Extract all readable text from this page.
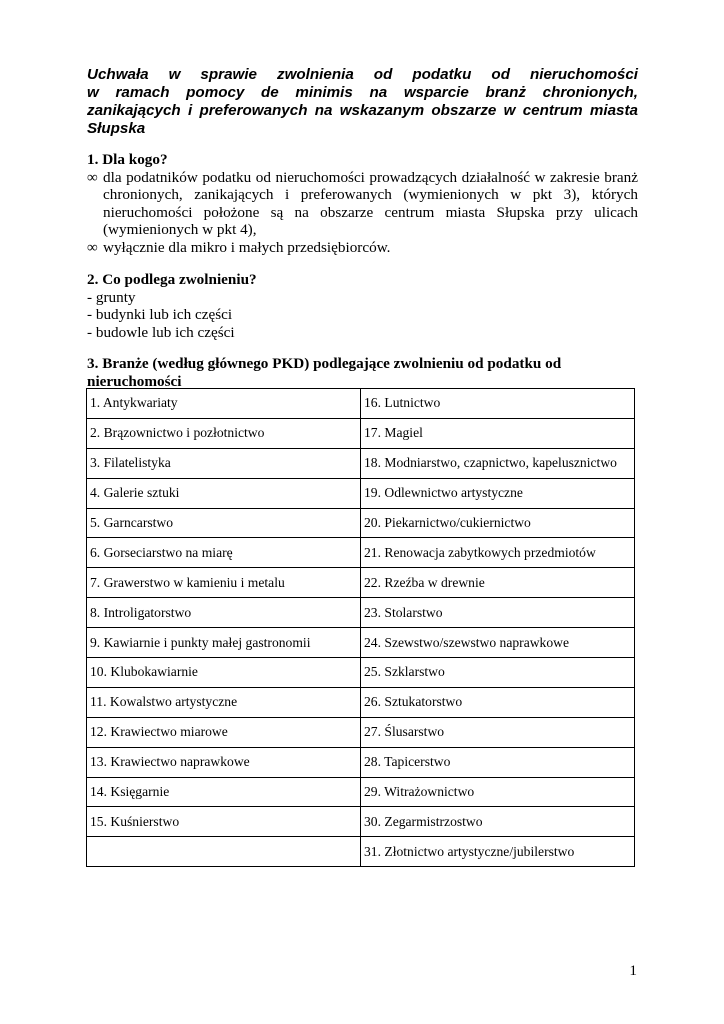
Uchwała w sprawie zwolnienia od podatku od nieruchomości
w ramach pomocy de minimis na wsparcie branż chronionych,
zanikających i preferowanych na wskazanym obszarze w centrum miasta
Słupska
1. Dla kogo?
∞ dla podatników podatku od nieruchomości prowadzących działalność w zakresie branż
chronionych, zanikających i preferowanych (wymienionych w pkt 3), których
nieruchomości położone są na obszarze centrum miasta Słupska przy ulicach
(wymienionych w pkt 4),
∞ wyłącznie dla mikro i małych przedsiębiorców.
2. Co podlega zwolnieniu?
- grunty
- budynki lub ich części
- budowle lub ich części
3. Branże (według głównego PKD) podlegające zwolnieniu od podatku od nieruchomości
1. Antykwariaty	16. Lutnictwo
2. Brązownictwo i pozłotnictwo	17. Magiel
3. Filatelistyka	18. Modniarstwo, czapnictwo, kapelusznictwo
4. Galerie sztuki	19. Odlewnictwo artystyczne
5. Garncarstwo	20. Piekarnictwo/cukiernictwo
6. Gorseciarstwo na miarę	21. Renowacja zabytkowych przedmiotów
7. Grawerstwo w kamieniu i metalu	22. Rzeźba w drewnie
8. Introligatorstwo	23. Stolarstwo
9. Kawiarnie i punkty małej gastronomii	24. Szewstwo/szewstwo naprawkowe
10. Klubokawiarnie	25. Szklarstwo
11. Kowalstwo artystyczne	26. Sztukatorstwo
12. Krawiectwo miarowe	27. Ślusarstwo
13. Krawiectwo naprawkowe	28. Tapicerstwo
14. Księgarnie	29. Witrażownictwo
15. Kuśnierstwo	30. Zegarmistrzostwo
	31. Złotnictwo artystyczne/jubilerstwo
1
